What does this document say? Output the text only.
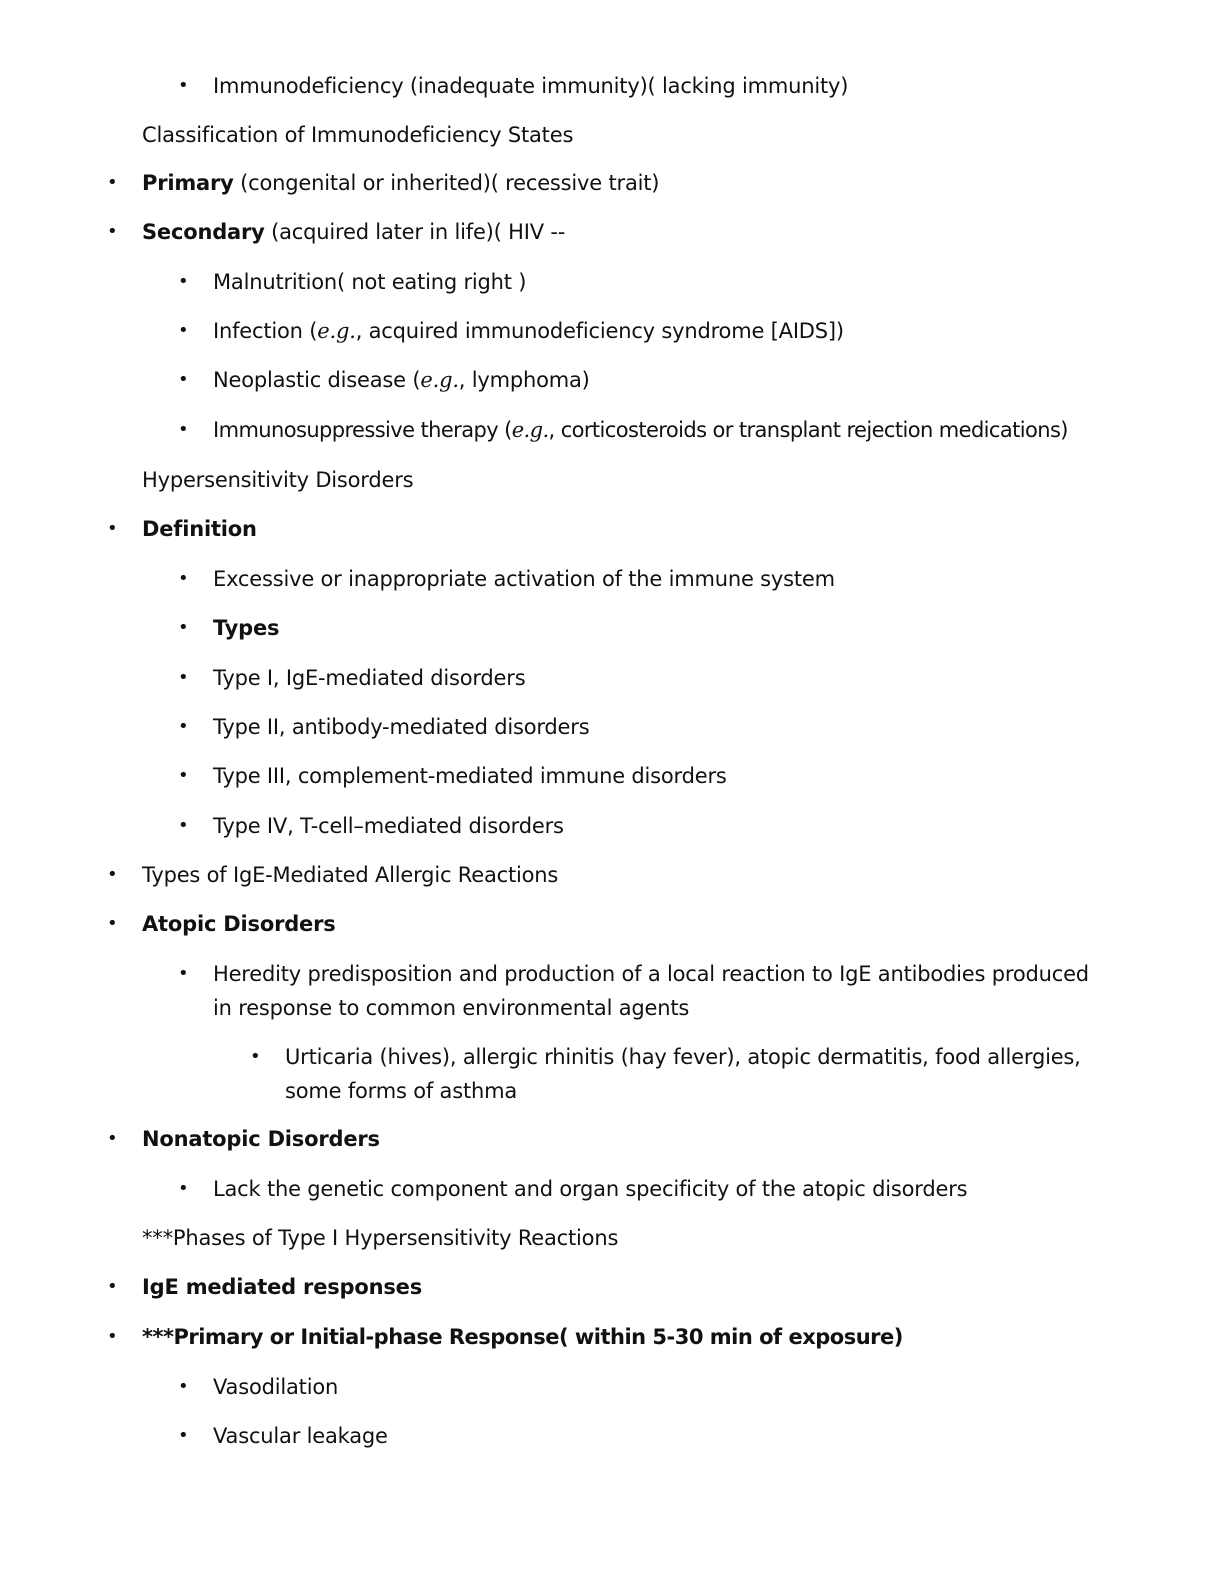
• Immunodeficiency (inadequate immunity)( lacking immunity)
Classification of Immunodeficiency States
• Primary (congenital or inherited)( recessive trait)
• Secondary (acquired later in life)( HIV --
• Malnutrition( not eating right )
• Infection (e.g., acquired immunodeficiency syndrome [AIDS])
• Neoplastic disease (e.g., lymphoma)
• Immunosuppressive therapy (e.g., corticosteroids or transplant rejection medications)
Hypersensitivity Disorders
• Definition
• Excessive or inappropriate activation of the immune system
• Types
• Type I, IgE-mediated disorders
• Type II, antibody-mediated disorders
• Type III, complement-mediated immune disorders
• Type IV, T-cell–mediated disorders
• Types of IgE-Mediated Allergic Reactions
• Atopic Disorders
• Heredity predisposition and production of a local reaction to IgE antibodies produced in response to common environmental agents
• Urticaria (hives), allergic rhinitis (hay fever), atopic dermatitis, food allergies, some forms of asthma
• Nonatopic Disorders
• Lack the genetic component and organ specificity of the atopic disorders
***Phases of Type I Hypersensitivity Reactions
• IgE mediated responses
• ***Primary or Initial-phase Response( within 5-30 min of exposure)
• Vasodilation
• Vascular leakage
